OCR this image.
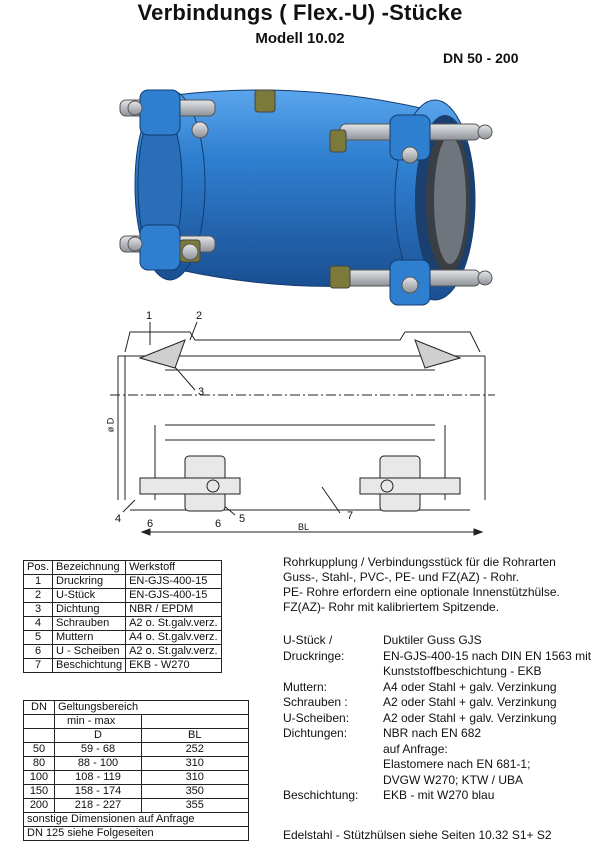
Verbindungs ( Flex.-U) -Stücke
Modell 10.02
DN 50 - 200
1	2
3
4	5
6	6
7
ø D
BL
Pos.	Bezeichnung	Werkstoff
1	Druckring	EN-GJS-400-15
2	U-Stück	EN-GJS-400-15
3	Dichtung	NBR / EPDM
4	Schrauben	A2 o. St.galv.verz.
5	Muttern	A4 o. St.galv.verz.
6	U - Scheiben	A2 o. St.galv.verz.
7	Beschichtung	EKB - W270
DN	Geltungsbereich	
	min - max	
	D	BL
50	59 - 68	252
80	88 - 100	310
100	108 - 119	310
150	158 - 174	350
200	218 - 227	355
sonstige Dimensionen auf Anfrage		
DN 125 siehe Folgeseiten		
Rohrkupplung / Verbindungsstück für die Rohrarten
Guss-, Stahl-, PVC-, PE- und FZ(AZ) - Rohr.
PE- Rohre erfordern eine optionale Innenstützhülse.
FZ(AZ)- Rohr mit kalibriertem Spitzende.
U-Stück /	Duktiler Guss GJS
Druckringe:	EN-GJS-400-15 nach DIN EN 1563 mit
Kunststoffbeschichtung - EKB
Muttern:	A4 oder Stahl + galv. Verzinkung
Schrauben :	A2 oder Stahl + galv. Verzinkung
U-Scheiben:	A2 oder Stahl + galv. Verzinkung
Dichtungen:	NBR nach EN 682
auf Anfrage:
Elastomere nach EN 681-1;
DVGW W270; KTW / UBA
Beschichtung: EKB - mit W270 blau
Edelstahl - Stützhülsen siehe Seiten 10.32 S1+ S2
